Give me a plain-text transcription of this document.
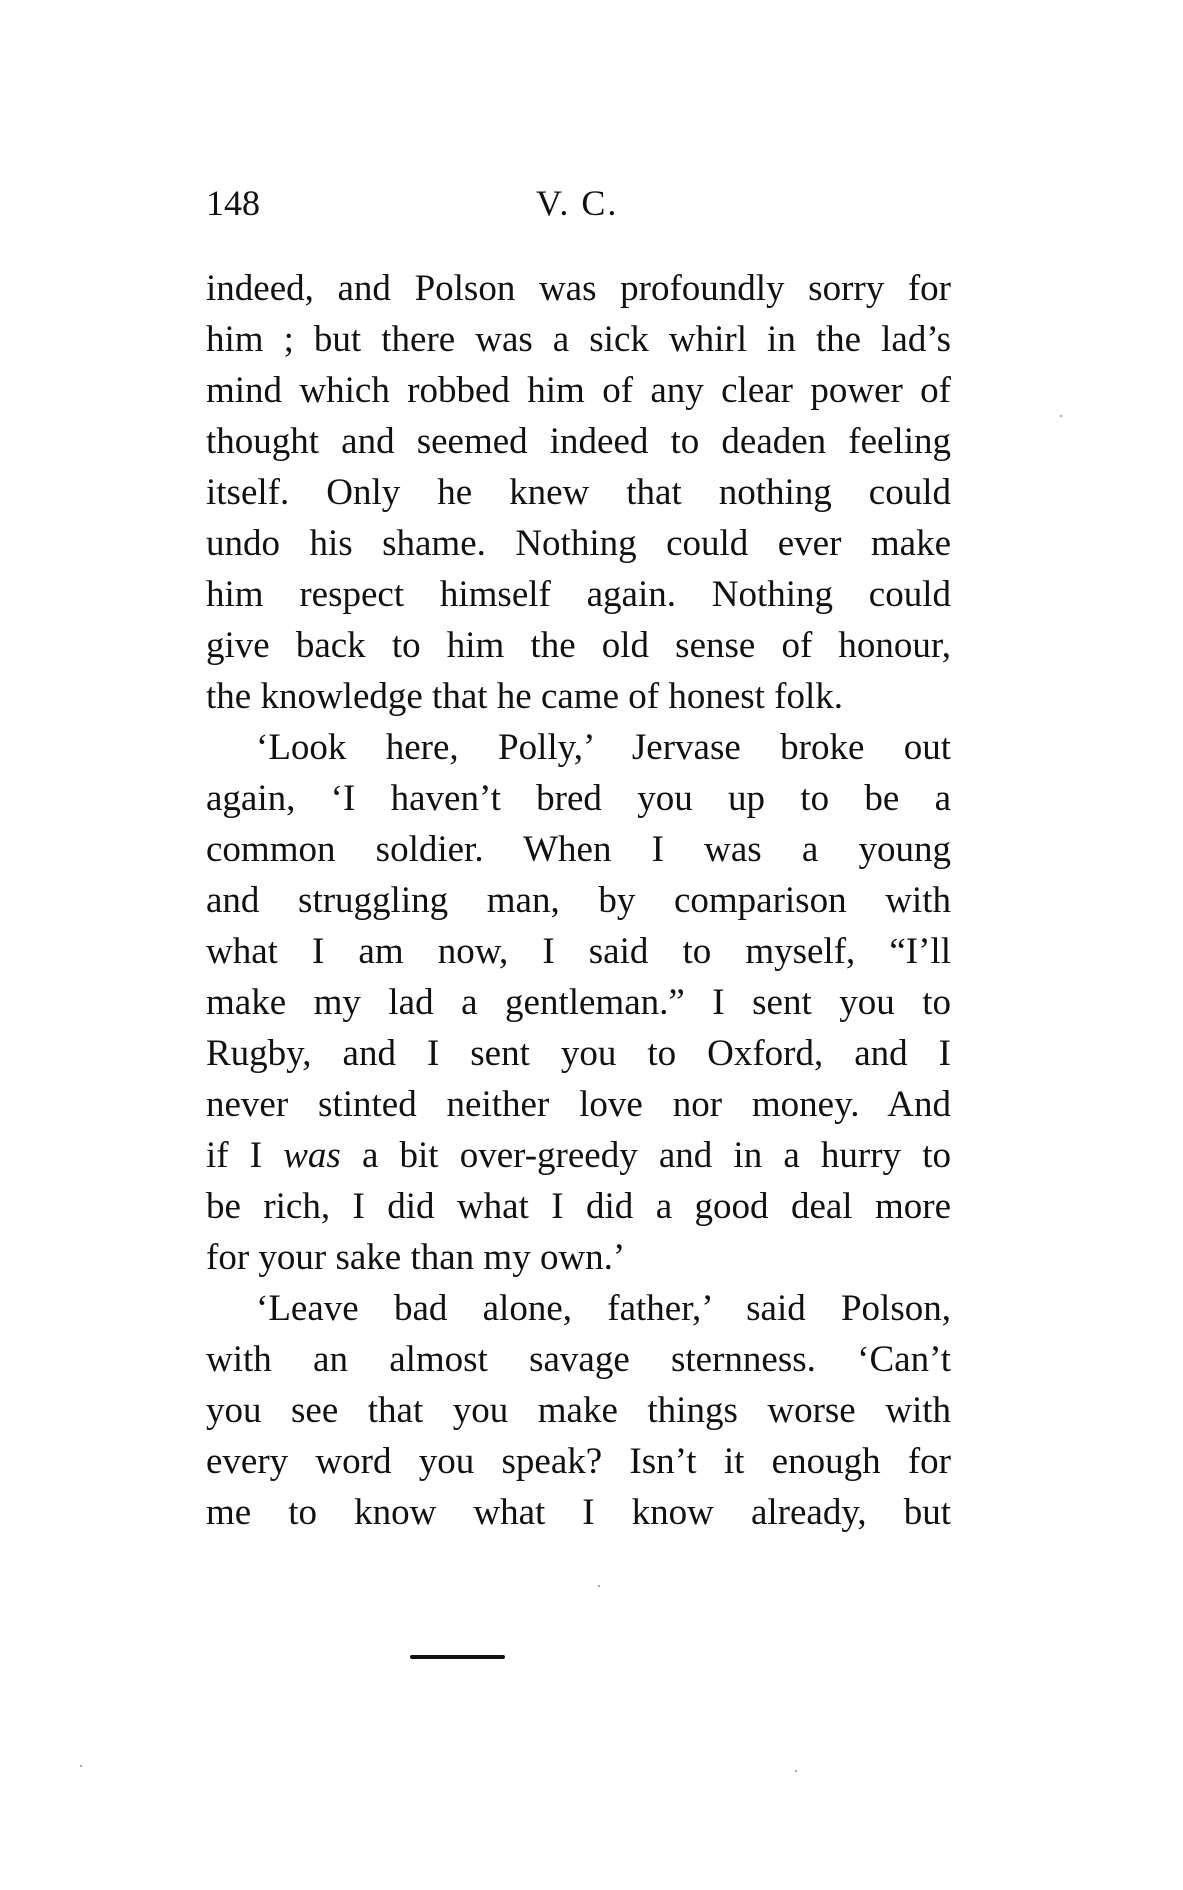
148	V. C.
indeed, and Polson was profoundly sorry for
him ; but there was a sick whirl in the lad’s
mind which robbed him of any clear power of
thought and seemed indeed to deaden feeling
itself. Only he knew that nothing could
undo his shame. Nothing could ever make
him respect himself again. Nothing could
give back to him the old sense of honour,
the knowledge that he came of honest folk.
‘Look here, Polly,’ Jervase broke out
again, ‘I haven’t bred you up to be a
common soldier. When I was a young
and struggling man, by comparison with
what I am now, I said to myself, “I’ll
make my lad a gentleman.” I sent you to
Rugby, and I sent you to Oxford, and I
never stinted neither love nor money. And
if I was a bit over-greedy and in a hurry to
be rich, I did what I did a good deal more
for your sake than my own.’
‘Leave bad alone, father,’ said Polson,
with an almost savage sternness. ‘Can’t
you see that you make things worse with
every word you speak? Isn’t it enough for
me to know what I know already, but
